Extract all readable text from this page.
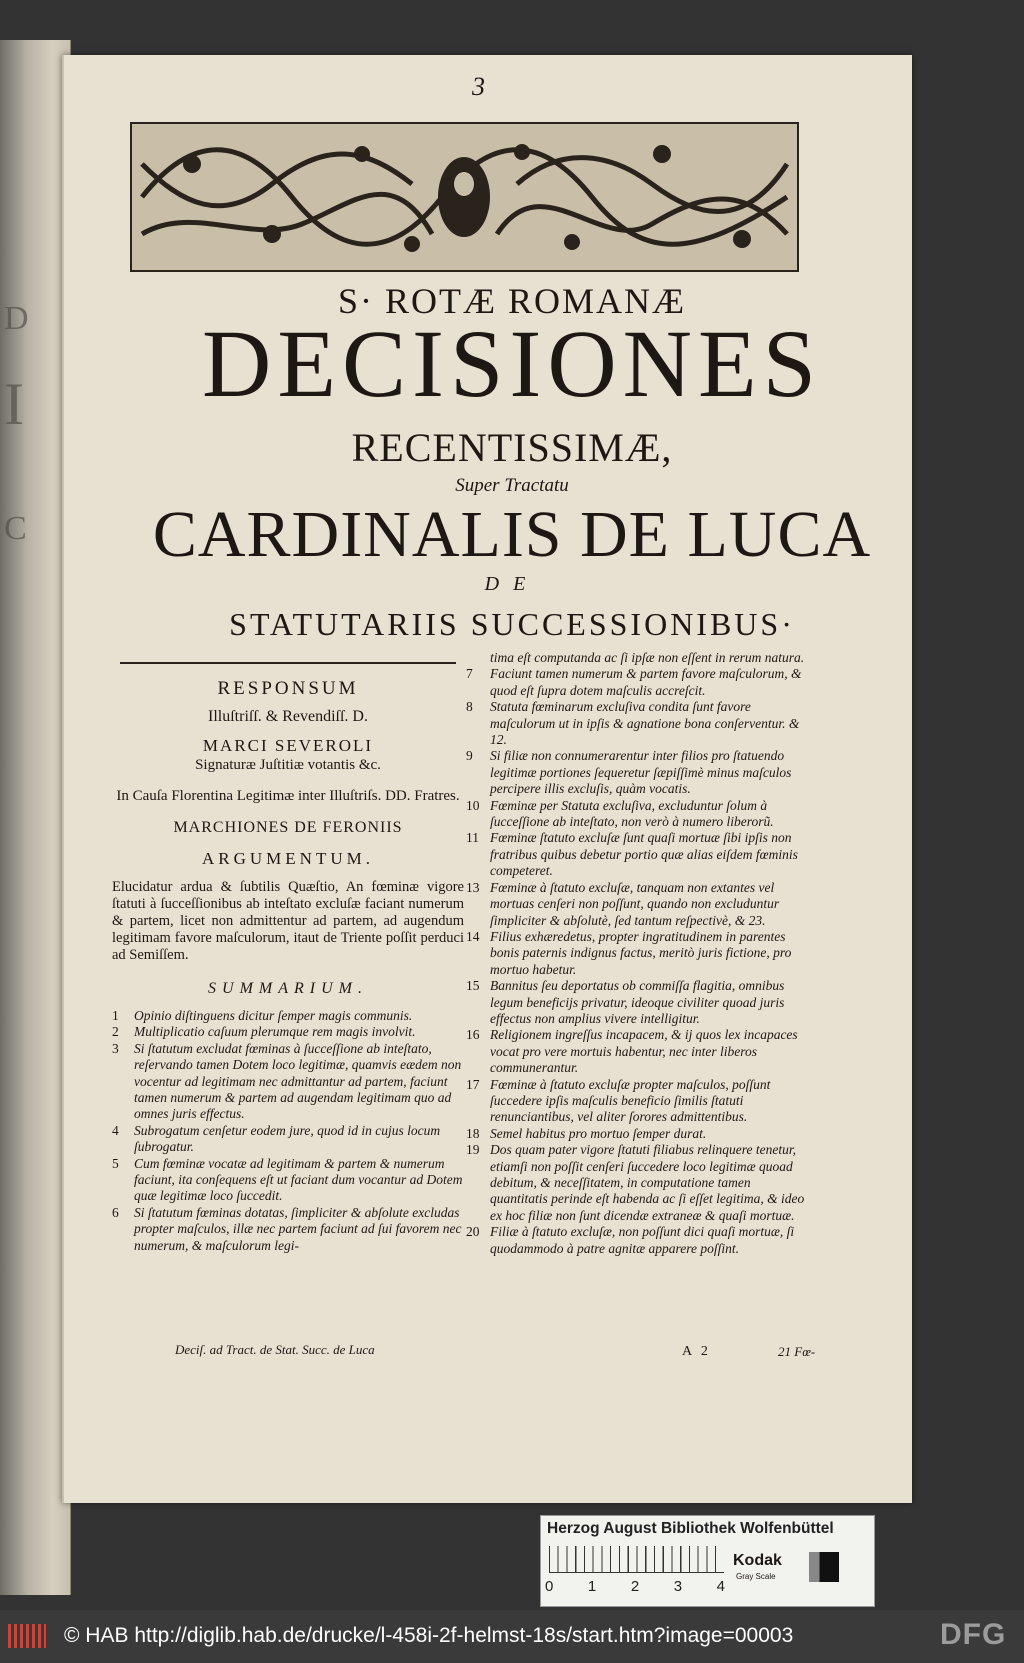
D
I
C
3
S· ROTÆ ROMANÆ
DECISIONES
RECENTISSIMÆ,
Super Tractatu
CARDINALIS DE LUCA
DE
STATUTARIIS SUCCESSIONIBUS·
RESPONSUM
Illuſtriſſ. & Revendiſſ. D.
MARCI SEVEROLI
Signaturæ Juſtitiæ votantis &c.
In Cauſa Florentina Legitimæ inter Illuſtriſs. DD. Fratres.
MARCHIONES DE FERONIIS
ARGUMENTUM.
Elucidatur ardua & ſubtilis Quæſtio, An fœminæ vigore ſtatuti à ſucceſſionibus ab inteſtato excluſæ faciant numerum & partem, licet non admittentur ad partem, ad augendum legitimam favore maſculorum, itaut de Triente poſſit perduci ad Semiſſem.
SUMMARIUM.
1	Opinio diſtinguens dicitur ſemper magis communis.
2	Multiplicatio caſuum plerumque rem magis involvit.
3	Si ſtatutum excludat fœminas à ſucceſſione ab inteſtato, reſervando tamen Dotem loco legitimæ, quamvis eædem non vocentur ad legitimam nec admittantur ad partem, faciunt tamen numerum & partem ad augendam legitimam quo ad omnes juris effectus.
4	Subrogatum cenſetur eodem jure, quod id in cujus locum ſubrogatur.
5	Cum fœminæ vocatæ ad legitimam & partem & numerum faciunt, ita conſequens eſt ut faciant dum vocantur ad Dotem quæ legitimæ loco ſuccedit.
6	Si ſtatutum fœminas dotatas, ſimpliciter & abſolute excludas propter maſculos, illæ nec partem faciunt ad ſui favorem nec numerum, & maſculorum legi-
Deciſ. ad Tract. de Stat. Succ. de Luca
tima eſt computanda ac ſi ipſæ non eſſent in rerum natura.
7	Faciunt tamen numerum & partem favore maſculorum, & quod eſt ſupra dotem maſculis accreſcit.
8	Statuta fœminarum excluſiva condita ſunt favore maſculorum ut in ipſis & agnatione bona conſerventur. & 12.
9	Si filiæ non connumerarentur inter filios pro ſtatuendo legitimæ portiones ſequeretur ſæpiſſimè minus maſculos percipere illis excluſis, quàm vocatis.
10 Fœminæ per Statuta excluſiva, excluduntur ſolum à ſucceſſione ab inteſtato, non verò à numero liberorũ.
11 Fœminæ ſtatuto excluſæ ſunt quaſi mortuæ ſibi ipſis non fratribus quibus debetur portio quæ alias eiſdem fœminis competeret.
13 Fœminæ à ſtatuto excluſæ, tanquam non extantes vel mortuas cenſeri non poſſunt, quando non excluduntur ſimpliciter & abſolutè, ſed tantum reſpectivè, & 23.
14 Filius exhæredetus, propter ingratitudinem in parentes bonis paternis indignus factus, meritò juris fictione, pro mortuo habetur.
15 Bannitus ſeu deportatus ob commiſſa flagitia, omnibus legum beneficijs privatur, ideoque civiliter quoad juris effectus non amplius vivere intelligitur.
16 Religionem ingreſſus incapacem, & ij quos lex incapaces vocat pro vere mortuis habentur, nec inter liberos communerantur.
17 Fœminæ à ſtatuto excluſæ propter maſculos, poſſunt ſuccedere ipſis maſculis beneficio ſimilis ſtatuti renunciantibus, vel aliter ſorores admittentibus.
18 Semel habitus pro mortuo ſemper durat.
19 Dos quam pater vigore ſtatuti filiabus relinquere tenetur, etiamſi non poſſit cenſeri ſuccedere loco legitimæ quoad debitum, & neceſſitatem, in computatione tamen quantitatis perinde eſt habenda ac ſi eſſet legitima, & ideo ex hoc filiæ non ſunt dicendæ extraneæ & quaſi mortuæ.
20 Filiæ à ſtatuto excluſæ, non poſſunt dici quaſi mortuæ, ſi quodammodo à patre agnitæ apparere poſſint.
A 2	21 Fœ-
Herzog August Bibliothek Wolfenbüttel
0 1 2 3 4
Kodak
Gray Scale
© HAB http://diglib.hab.de/drucke/l-458i-2f-helmst-18s/start.htm?image=00003	DFG
